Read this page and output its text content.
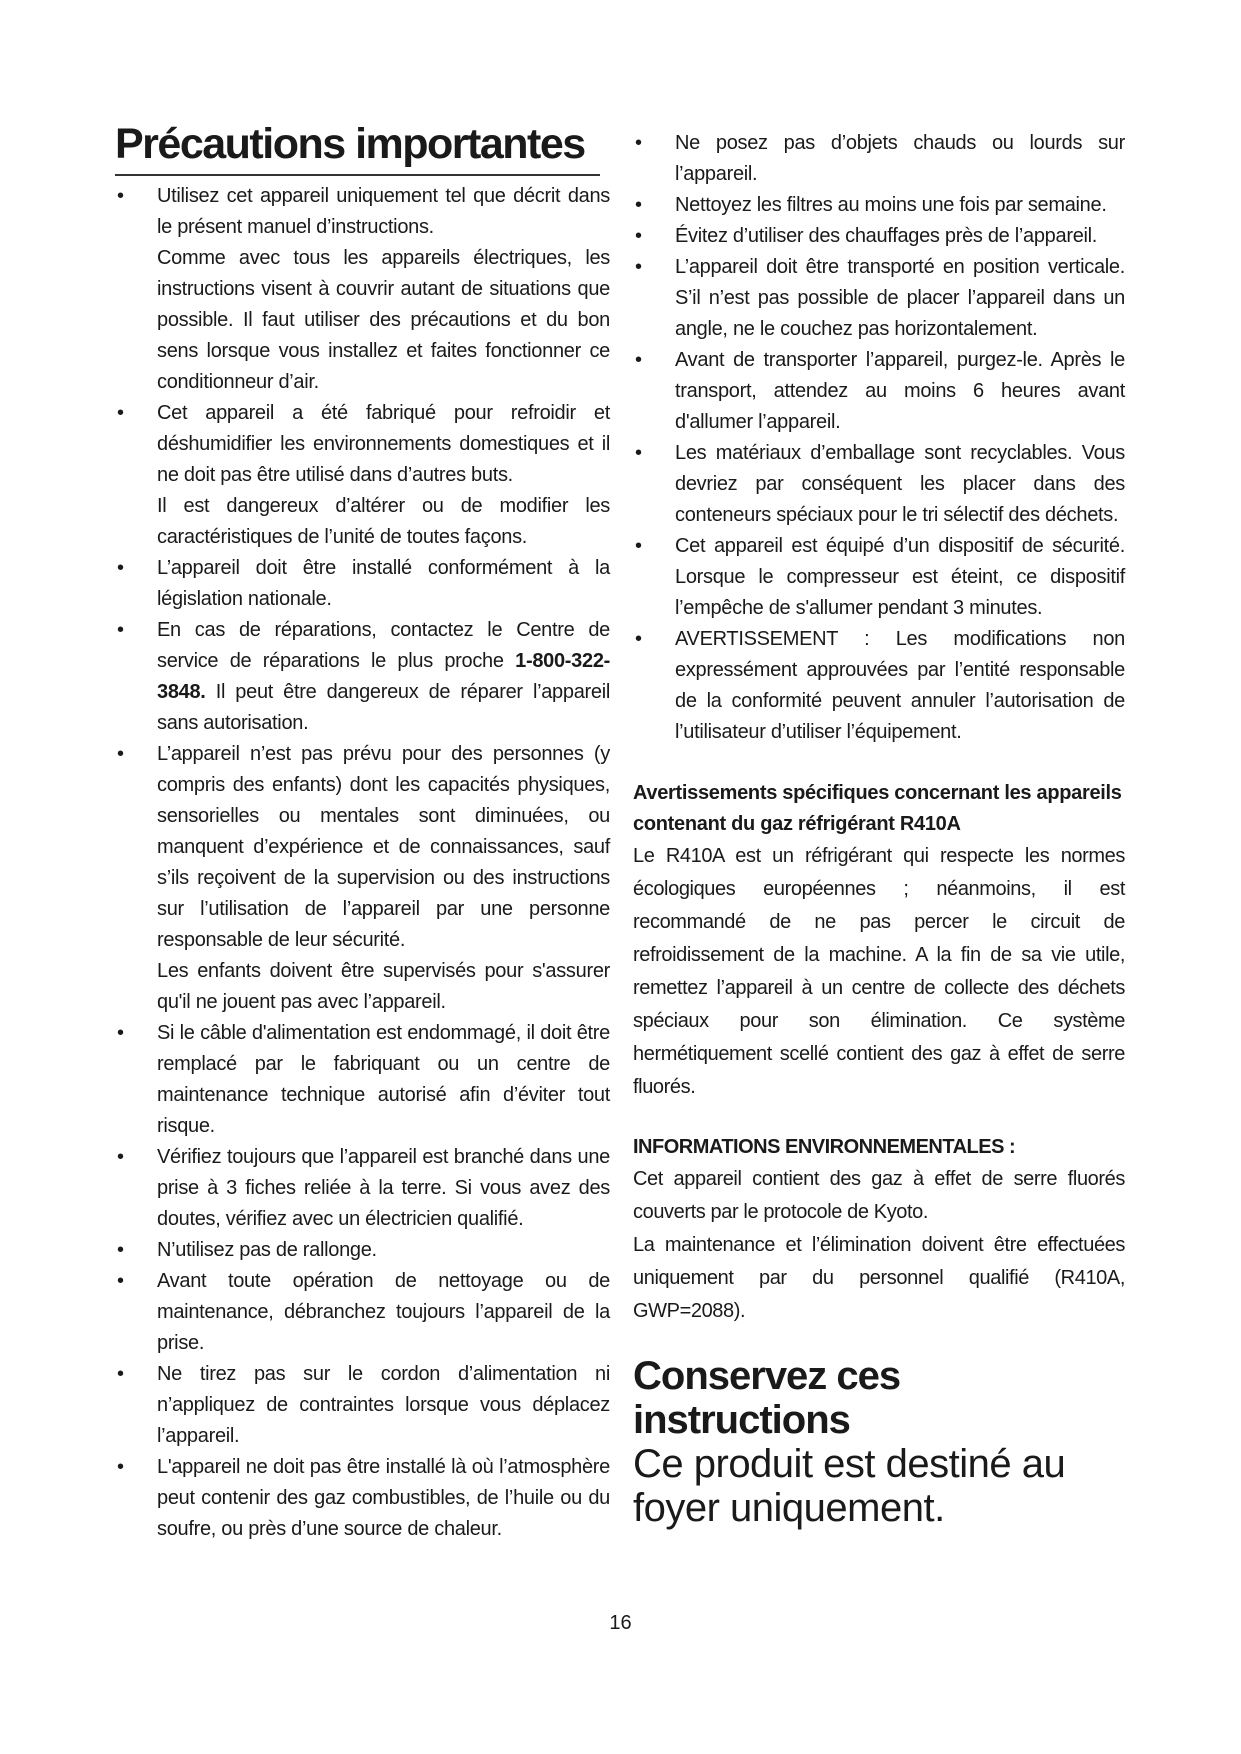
Précautions importantes
• Utilisez cet appareil uniquement tel que décrit dans le présent manuel d’instructions.
Comme avec tous les appareils électriques, les instructions visent à couvrir autant de situations que possible. Il faut utiliser des précautions et du bon sens lorsque vous installez et faites fonctionner ce conditionneur d’air.
• Cet appareil a été fabriqué pour refroidir et déshumidifier les environnements domestiques et il ne doit pas être utilisé dans d’autres buts.
Il est dangereux d’altérer ou de modifier les caractéristiques de l’unité de toutes façons.
• L’appareil doit être installé conformément à la législation nationale.
• En cas de réparations, contactez le Centre de service de réparations le plus proche 1-800-322-3848. Il peut être dangereux de réparer l’appareil sans autorisation.
• L’appareil n’est pas prévu pour des personnes (y compris des enfants) dont les capacités physiques, sensorielles ou mentales sont diminuées, ou manquent d’expérience et de connaissances, sauf s’ils reçoivent de la supervision ou des instructions sur l’utilisation de l’appareil par une personne responsable de leur sécurité.
Les enfants doivent être supervisés pour s'assurer qu'il ne jouent pas avec l’appareil.
• Si le câble d'alimentation est endommagé, il doit être remplacé par le fabriquant ou un centre de maintenance technique autorisé afin d’éviter tout risque.
• Vérifiez toujours que l’appareil est branché dans une prise à 3 fiches reliée à la terre. Si vous avez des doutes, vérifiez avec un électricien qualifié.
• N’utilisez pas de rallonge.
• Avant toute opération de nettoyage ou de maintenance, débranchez toujours l’appareil de la prise.
• Ne tirez pas sur le cordon d’alimentation ni n’appliquez de contraintes lorsque vous déplacez l’appareil.
• L'appareil ne doit pas être installé là où l’atmosphère peut contenir des gaz combustibles, de l’huile ou du soufre, ou près d’une source de chaleur.
• Ne posez pas d’objets chauds ou lourds sur l’appareil.
• Nettoyez les filtres au moins une fois par semaine.
• Évitez d’utiliser des chauffages près de l’appareil.
• L’appareil doit être transporté en position verticale. S’il n’est pas possible de placer l’appareil dans un angle, ne le couchez pas horizontalement.
• Avant de transporter l’appareil, purgez-le. Après le transport, attendez au moins 6 heures avant d'allumer l’appareil.
• Les matériaux d’emballage sont recyclables. Vous devriez par conséquent les placer dans des conteneurs spéciaux pour le tri sélectif des déchets.
• Cet appareil est équipé d’un dispositif de sécurité. Lorsque le compresseur est éteint, ce dispositif l’empêche de s'allumer pendant 3 minutes.
• AVERTISSEMENT : Les modifications non expressément approuvées par l’entité responsable de la conformité peuvent annuler l’autorisation de l’utilisateur d’utiliser l’équipement.
Avertissements spécifiques concernant les appareils contenant du gaz réfrigérant R410A
Le R410A est un réfrigérant qui respecte les normes écologiques européennes ; néanmoins, il est recommandé de ne pas percer le circuit de refroidissement de la machine. A la fin de sa vie utile, remettez l’appareil à un centre de collecte des déchets spéciaux pour son élimination. Ce système hermétiquement scellé contient des gaz à effet de serre fluorés.
INFORMATIONS ENVIRONNEMENTALES :
Cet appareil contient des gaz à effet de serre fluorés couverts par le protocole de Kyoto.
La maintenance et l’élimination doivent être effectuées uniquement par du personnel qualifié (R410A, GWP=2088).
Conservez ces instructions
Ce produit est destiné au foyer uniquement.
16
